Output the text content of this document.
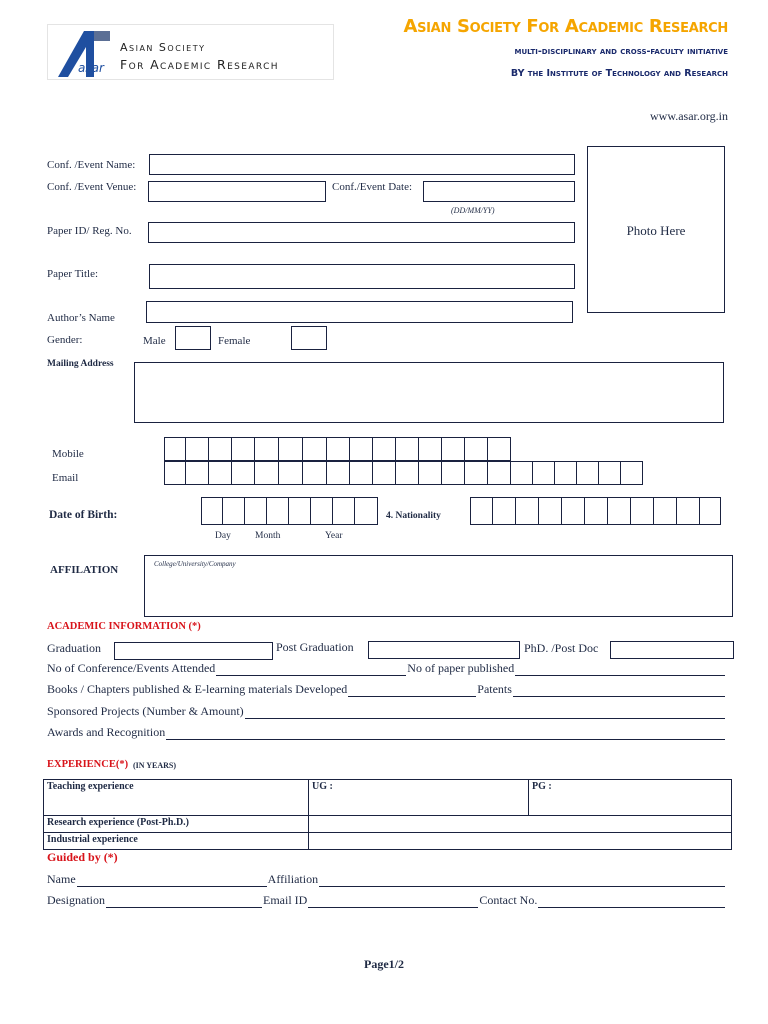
asar
Asian Society
For Academic Research
Asian Society For Academic Research
multi-disciplinary and cross-faculty initiative
BY the Institute of Technology and Research
www.asar.org.in
Conf. /Event Name:
Conf. /Event Venue:	Conf./Event Date:
(DD/MM/YY)
Paper ID/ Reg. No.	Photo Here
Paper Title:
Author’s Name
Gender:	Male	Female
Mailing Address
Mobile
Email
Date of Birth:
Day	Month	Year
4. Nationality
AFFILATION	College/University/Company
ACADEMIC INFORMATION (*)
Graduation	Post Graduation	PhD. /Post Doc
No of Conference/Events Attended	No of paper published
Books / Chapters published & E-learning materials Developed	Patents
Sponsored Projects (Number & Amount)
Awards and Recognition
EXPERIENCE(*) (IN YEARS)
Teaching experience	UG :	PG :
Research experience (Post-Ph.D.)		
Industrial experience		
Guided by (*)
Name	Affiliation
Designation	Email ID	Contact No.
Page1/2
